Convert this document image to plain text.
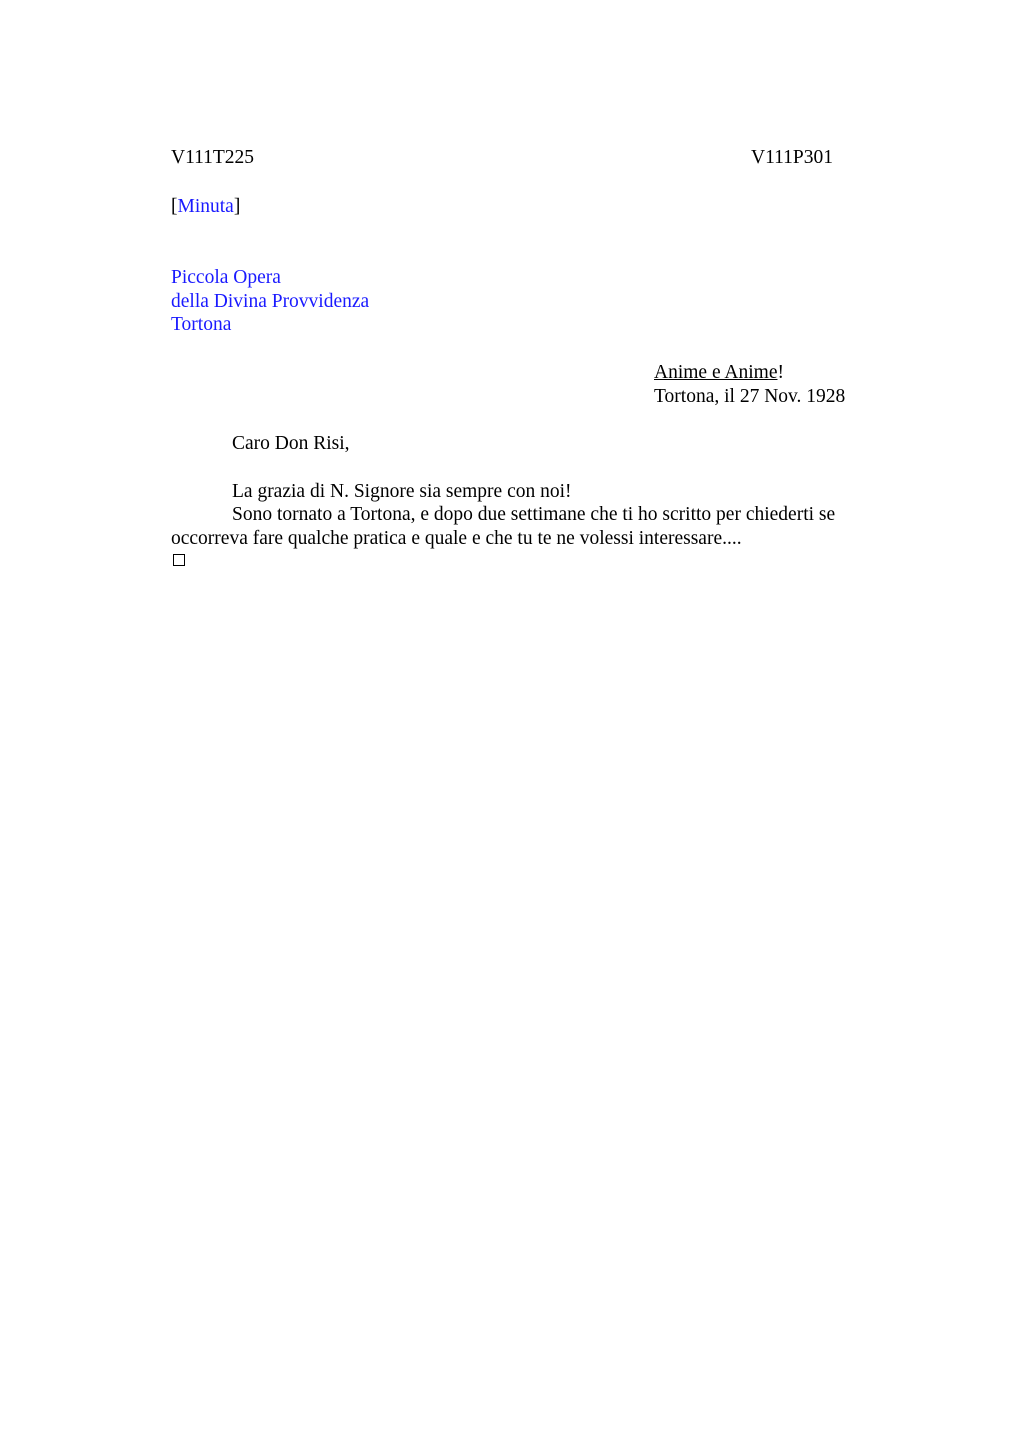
V111T225	V111P301
[Minuta]
Piccola Opera
della Divina Provvidenza
Tortona
Anime e Anime!
Tortona, il 27 Nov. 1928
Caro Don Risi,
La grazia di N. Signore sia sempre con noi!
Sono tornato a Tortona, e dopo due settimane che ti ho scritto per chiederti se
occorreva fare qualche pratica e quale e che tu te ne volessi interessare....
